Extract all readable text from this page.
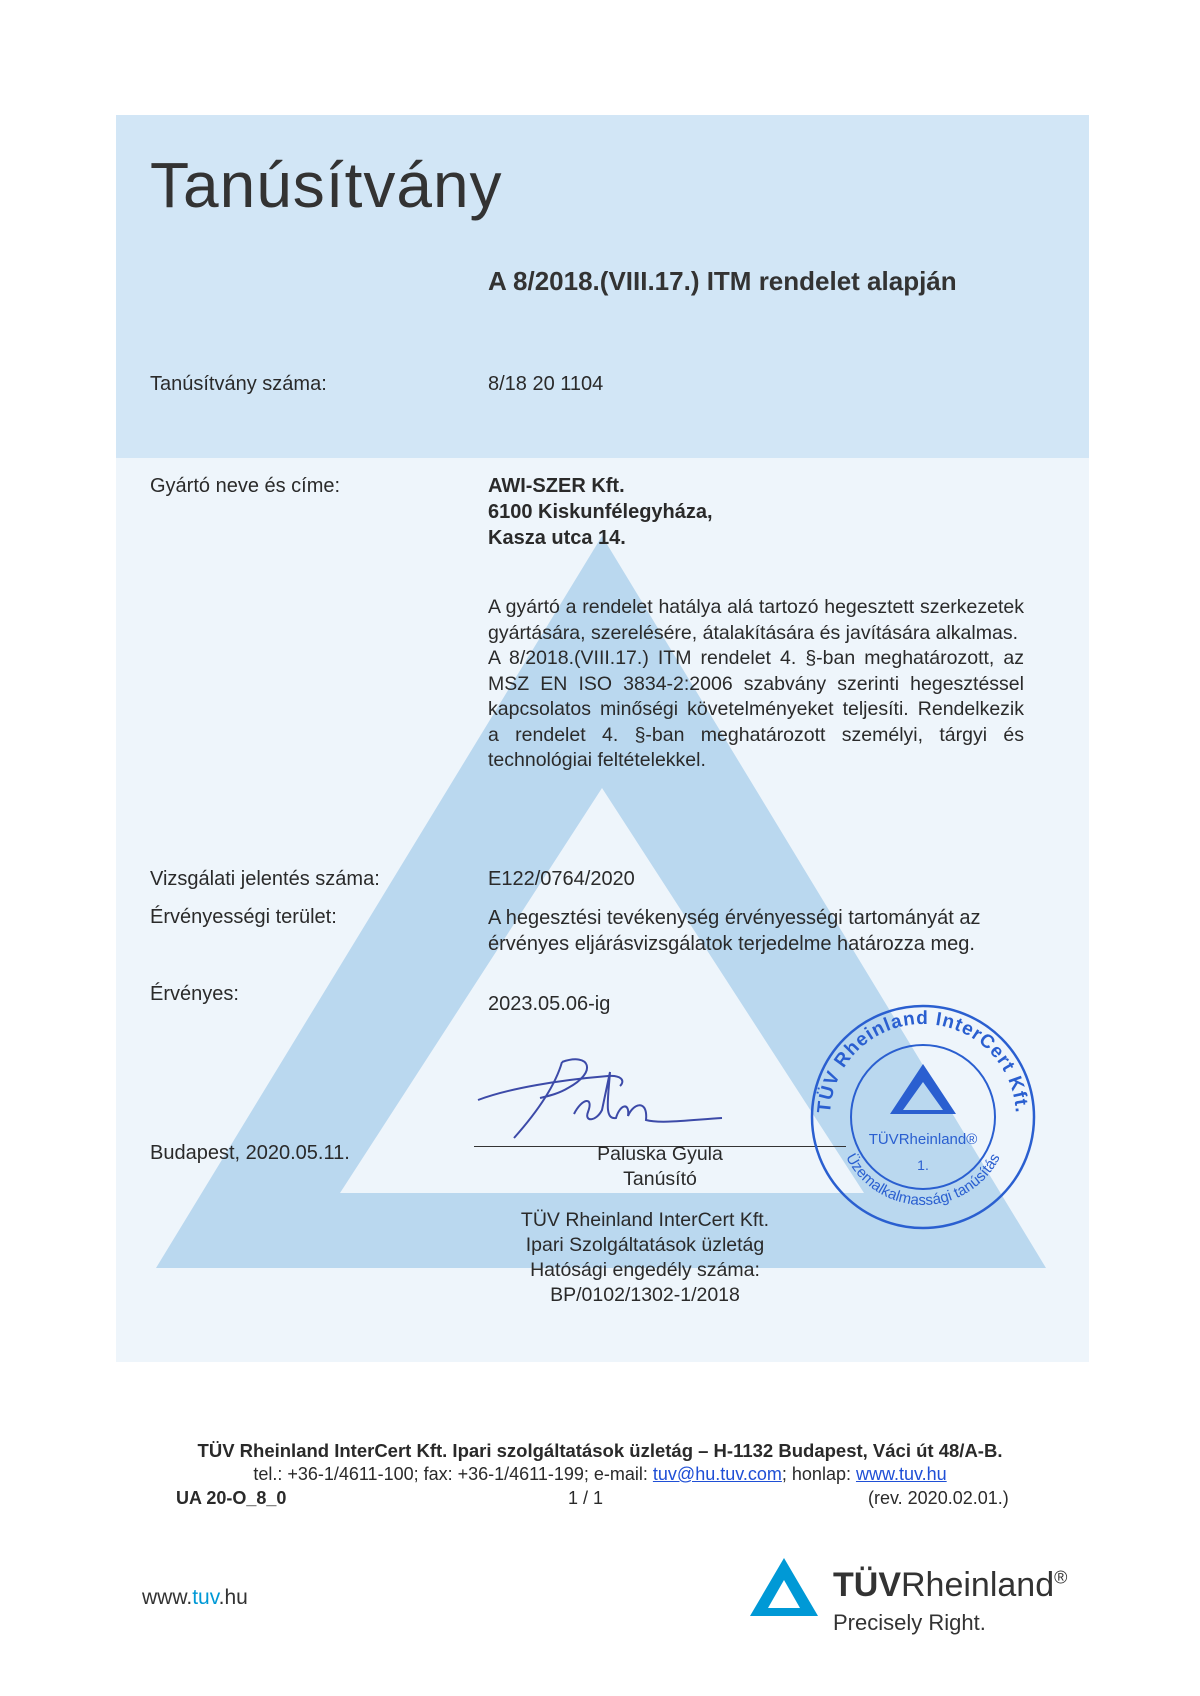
Tanúsítvány
A 8/2018.(VIII.17.) ITM rendelet alapján
Tanúsítvány száma:	8/18 20 1104
Gyártó neve és címe:	AWI-SZER Kft.
6100 Kiskunfélegyháza,
Kasza utca 14.

A gyártó a rendelet hatálya alá tartozó hegesztett szerkezetek gyártására, szerelésére, átalakítására és javítására alkalmas.

A 8/2018.(VIII.17.) ITM rendelet 4. §-ban meghatározott, az MSZ EN ISO 3834-2:2006 szabvány szerinti hegesztéssel kapcsolatos minőségi követelményeket teljesíti. Rendelkezik a rendelet 4. §-ban meghatározott személyi, tárgyi és technológiai feltételekkel.

Vizsgálati jelentés száma:	E122/0764/2020
Érvényességi terület:	A hegesztési tevékenység érvényességi tartományát az érvényes eljárásvizsgálatok terjedelme határozza meg.
Érvényes:	2023.05.06-ig
Budapest, 2020.05.11.	Paluska Gyula
Tanúsító
TÜV Rheinland InterCert Kft.
Ipari Szolgáltatások üzletág
Hatósági engedély száma:
BP/0102/1302-1/2018
TÜV Rheinland InterCert Kft.
Üzemalkalmassági tanúsítás
TÜVRheinland®
1.
TÜV Rheinland InterCert Kft. Ipari szolgáltatások üzletág – H-1132 Budapest, Váci út 48/A-B.
tel.: +36-1/4611-100; fax: +36-1/4611-199; e-mail: tuv@hu.tuv.com; honlap: www.tuv.hu
UA 20-O_8_0	1 / 1	(rev. 2020.02.01.)
www.tuv.hu	TÜVRheinland®
Precisely Right.
